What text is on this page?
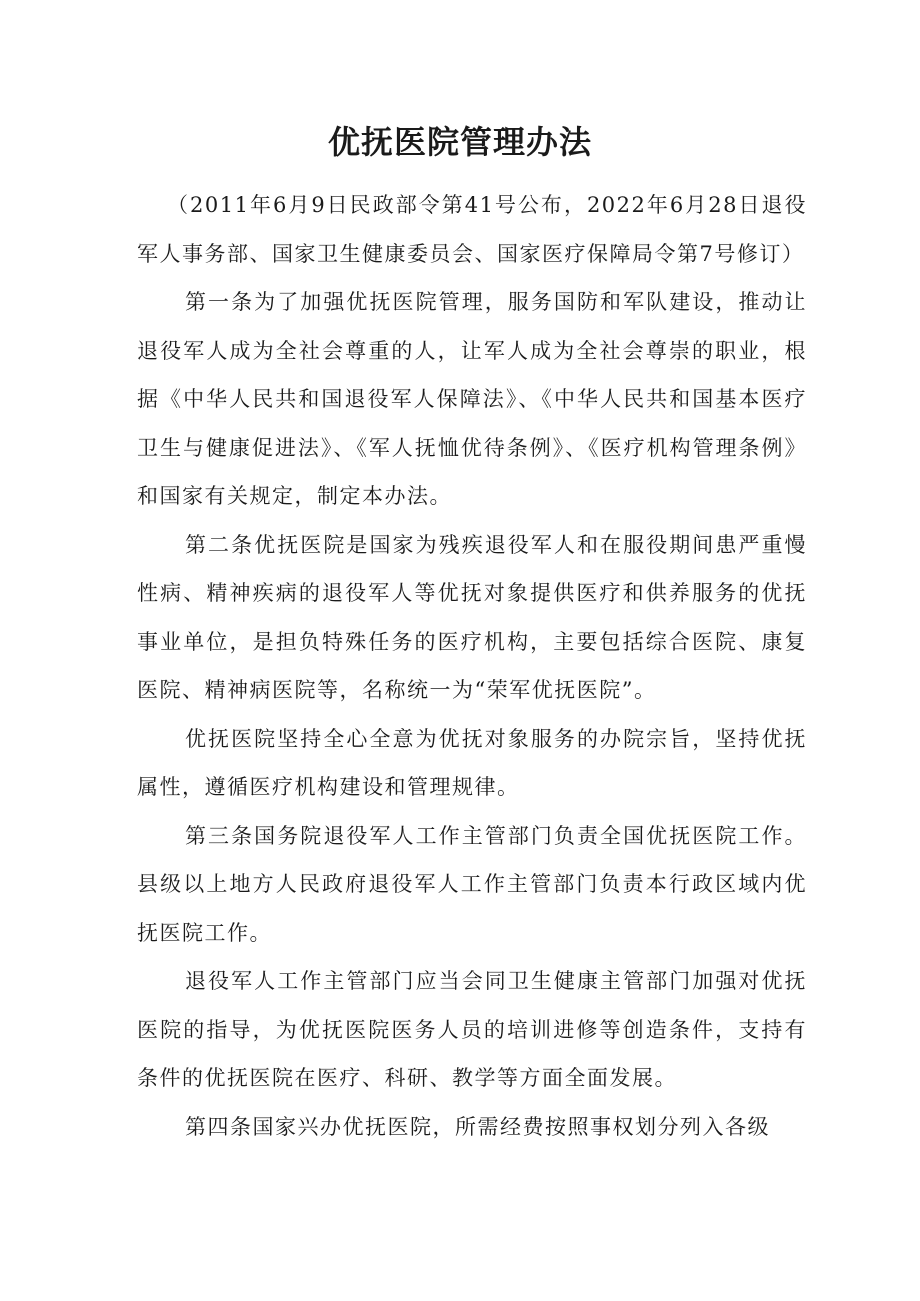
优抚医院管理办法

（2011年6月9日民政部令第41号公布，2022年6月28日退役军人事务部、国家卫生健康委员会、国家医疗保障局令第7号修订）

第一条为了加强优抚医院管理，服务国防和军队建设，推动让退役军人成为全社会尊重的人，让军人成为全社会尊崇的职业，根据《中华人民共和国退役军人保障法》、《中华人民共和国基本医疗卫生与健康促进法》、《军人抚恤优待条例》、《医疗机构管理条例》和国家有关规定，制定本办法。

第二条优抚医院是国家为残疾退役军人和在服役期间患严重慢性病、精神疾病的退役军人等优抚对象提供医疗和供养服务的优抚事业单位，是担负特殊任务的医疗机构，主要包括综合医院、康复医院、精神病医院等，名称统一为“荣军优抚医院”。

优抚医院坚持全心全意为优抚对象服务的办院宗旨，坚持优抚属性，遵循医疗机构建设和管理规律。

第三条国务院退役军人工作主管部门负责全国优抚医院工作。县级以上地方人民政府退役军人工作主管部门负责本行政区域内优抚医院工作。

退役军人工作主管部门应当会同卫生健康主管部门加强对优抚医院的指导，为优抚医院医务人员的培训进修等创造条件，支持有条件的优抚医院在医疗、科研、教学等方面全面发展。

第四条国家兴办优抚医院，所需经费按照事权划分列入各级
